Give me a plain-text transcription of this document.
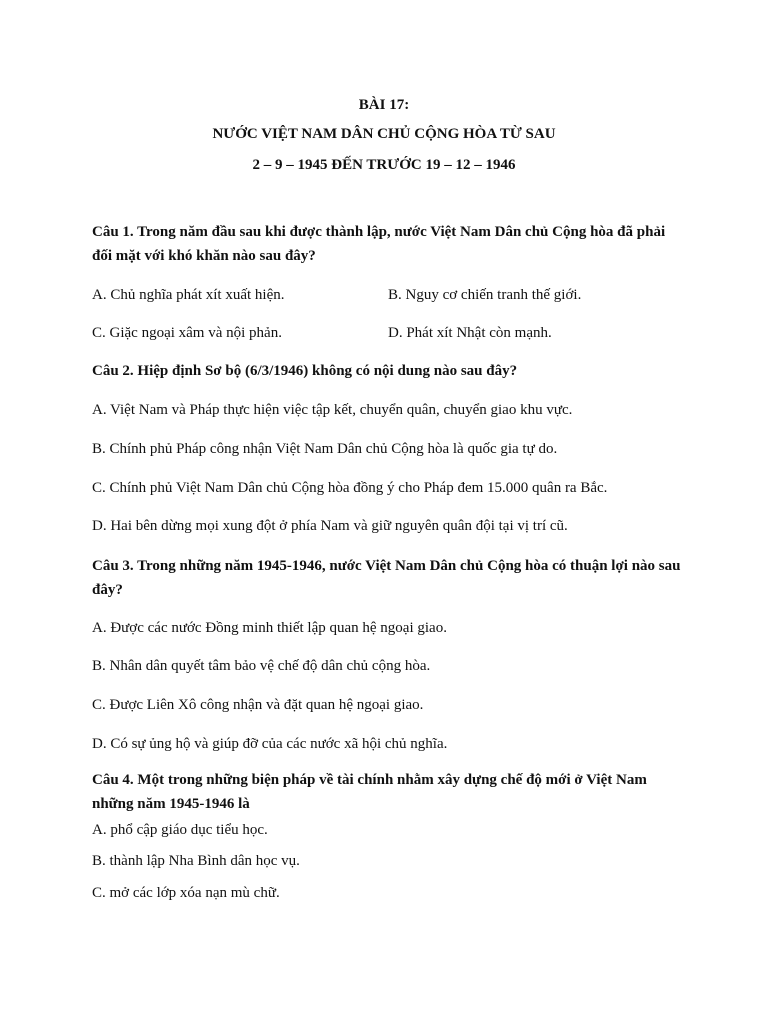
BÀI 17:
NƯỚC VIỆT NAM DÂN CHỦ CỘNG HÒA TỪ SAU
2 – 9 – 1945 ĐẾN TRƯỚC 19 – 12 – 1946
Câu 1. Trong năm đầu sau khi được thành lập, nước Việt Nam Dân chủ Cộng hòa đã phải đối mặt với khó khăn nào sau đây?
A. Chủ nghĩa phát xít xuất hiện.	B. Nguy cơ chiến tranh thế giới.
C. Giặc ngoại xâm và nội phản.	D. Phát xít Nhật còn mạnh.
Câu 2. Hiệp định Sơ bộ (6/3/1946) không có nội dung nào sau đây?
A. Việt Nam và Pháp thực hiện việc tập kết, chuyển quân, chuyển giao khu vực.
B. Chính phủ Pháp công nhận Việt Nam Dân chủ Cộng hòa là quốc gia tự do.
C. Chính phủ Việt Nam Dân chủ Cộng hòa đồng ý cho Pháp đem 15.000 quân ra Bắc.
D. Hai bên dừng mọi xung đột ở phía Nam và giữ nguyên quân đội tại vị trí cũ.
Câu 3. Trong những năm 1945-1946, nước Việt Nam Dân chủ Cộng hòa có thuận lợi nào sau đây?
A. Được các nước Đồng minh thiết lập quan hệ ngoại giao.
B. Nhân dân quyết tâm bảo vệ chế độ dân chủ cộng hòa.
C. Được Liên Xô công nhận và đặt quan hệ ngoại giao.
D. Có sự ủng hộ và giúp đỡ của các nước xã hội chủ nghĩa.
Câu 4. Một trong những biện pháp về tài chính nhằm xây dựng chế độ mới ở Việt Nam những năm 1945-1946 là
A. phổ cập giáo dục tiểu học.
B. thành lập Nha Bình dân học vụ.
C. mở các lớp xóa nạn mù chữ.
